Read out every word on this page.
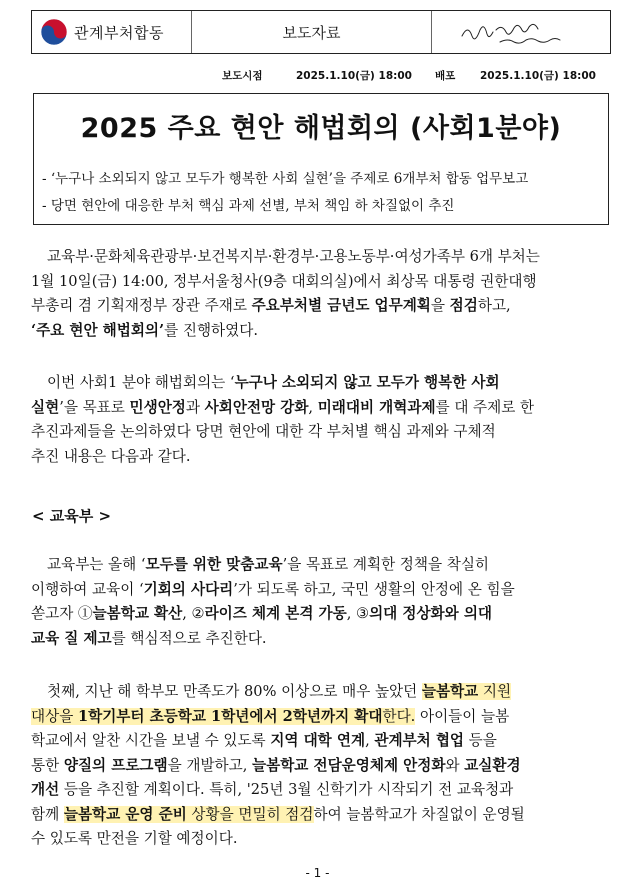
관계부처합동	보도자료
보도시점	2025.1.10(금) 18:00 배포 2025.1.10(금) 18:00
2025 주요 현안 해법회의 (사회1분야)
- ‘누구나 소외되지 않고 모두가 행복한 사회 실현’을 주제로 6개부처 합동 업무보고
- 당면 현안에 대응한 부처 핵심 과제 선별, 부처 책임 하 차질없이 추진

교육부·문화체육관광부·보건복지부·환경부·고용노동부·여성가족부 6개 부처는

1월 10일(금) 14:00, 정부서울청사(9층 대회의실)에서 최상목 대통령 권한대행

부총리 겸 기획재정부 장관 주재로 주요부처별 금년도 업무계획을 점검하고,

‘주요 현안 해법회의’를 진행하였다.

이번 사회1 분야 해법회의는 ‘누구나 소외되지 않고 모두가 행복한 사회

실현’을 목표로 민생안정과 사회안전망 강화, 미래대비 개혁과제를 대 주제로 한

추진과제들을 논의하였다 당면 현안에 대한 각 부처별 핵심 과제와 구체적

추진 내용은 다음과 같다.

< 교육부 >

교육부는 올해 ‘모두를 위한 맞춤교육’을 목표로 계획한 정책을 착실히

이행하여 교육이 ‘기회의 사다리’가 되도록 하고, 국민 생활의 안정에 온 힘을

쏟고자 ①늘봄학교 확산, ②라이즈 체계 본격 가동, ③의대 정상화와 의대

교육 질 제고를 핵심적으로 추진한다.

첫째, 지난 해 학부모 만족도가 80% 이상으로 매우 높았던 늘봄학교 지원

대상을 1학기부터 초등학교 1학년에서 2학년까지 확대한다. 아이들이 늘봄

학교에서 알찬 시간을 보낼 수 있도록 지역 대학 연계, 관계부처 협업 등을

통한 양질의 프로그램을 개발하고, 늘봄학교 전담운영체제 안정화와 교실환경

개선 등을 추진할 계획이다. 특히, '25년 3월 신학기가 시작되기 전 교육청과

함께 늘봄학교 운영 준비 상황을 면밀히 점검하여 늘봄학교가 차질없이 운영될

수 있도록 만전을 기할 예정이다.

- 1 -
